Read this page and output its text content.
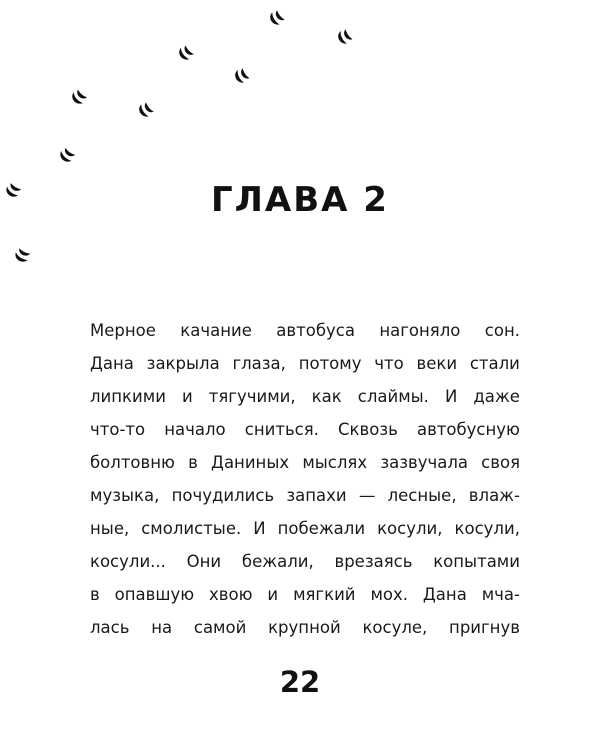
ГЛАВА 2
Мерное качание автобуса нагоняло сон.
Дана закрыла глаза, потому что веки стали
липкими и тягучими, как слаймы. И даже
что-то начало сниться. Сквозь автобусную
болтовню в Даниных мыслях зазвучала своя
музыка, почудились запахи — лесные, влаж-
ные, смолистые. И побежали косули, косули,
косули... Они бежали, врезаясь копытами
в опавшую хвою и мягкий мох. Дана мча-
лась на самой крупной косуле, пригнув
22
